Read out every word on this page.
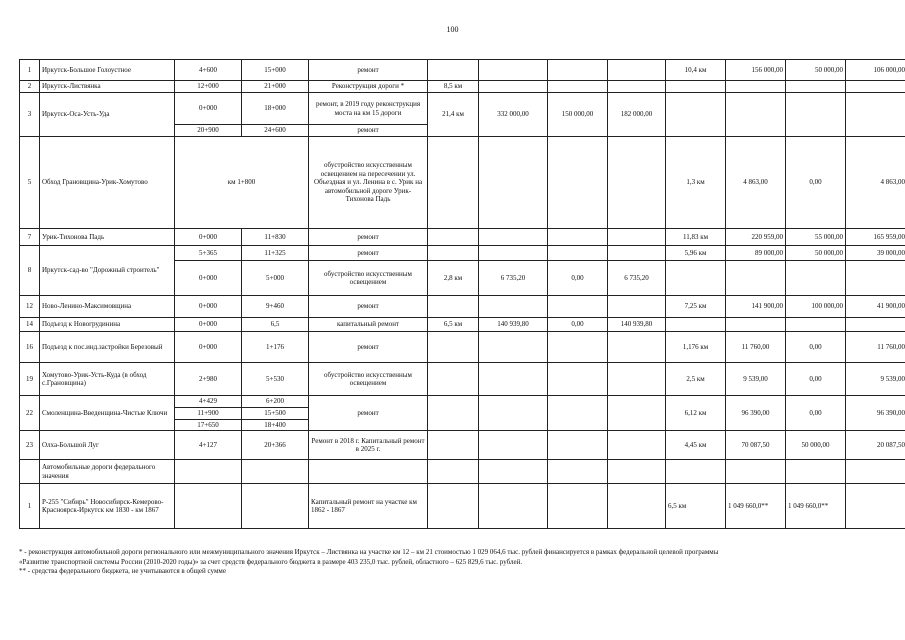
100
1	Иркутск-Большое Голоустное	4+600	15+000	ремонт					10,4 км	156 000,00	50 000,00	106 000,00
2	Иркутск-Листвянка	12+000	21+000	Реконструкция дороги *	8,5 км							
3	Иркутск-Оса-Усть-Уда	0+000	18+000	ремонт, в 2019 году реконструкция моста на км 15 дороги	21,4 км	332 000,00	150 000,00	182 000,00				
		20+900	24+600	ремонт								
5	Обход Грановщина-Урик-Хомутово	км 1+800		обустройство искусственным освещением на пересечении ул. Объездная и ул. Ленина в с. Урик на автомобильной дороге Урик-Тихонова Падь					1,3 км	4 863,00	0,00	4 863,00
7	Урик-Тихонова Падь	0+000	11+830	ремонт					11,83 км	220 959,00	55 000,00	165 959,00
8	Иркутск-сад-во "Дорожный строитель"	5+365	11+325	ремонт					5,96 км	89 000,00	50 000,00	39 000,00
		0+000	5+000	обустройство искусственным освещением	2,8 км	6 735,20	0,00	6 735,20				
12	Ново-Ленино-Максимовщина	0+000	9+460	ремонт					7,25 км	141 900,00	100 000,00	41 900,00
14	Подъезд к Новогрудинина	0+000	6,5	капитальный ремонт	6,5 км	140 939,80	0,00	140 939,80				
16	Подъезд к пос.инд.застройки Березовый	0+000	1+176	ремонт					1,176 км	11 760,00	0,00	11 760,00
19	Хомутово-Урик-Усть-Куда (в обход с.Грановщина)	2+980	5+530	обустройство искусственным освещением					2,5 км	9 539,00	0,00	9 539,00
22	Смоленщина-Введенщина-Чистые Ключи	4+429	6+200	ремонт					6,12 км	96 390,00	0,00	96 390,00
		11+900	15+500									
		17+650	18+400									
23	Олха-Большой Луг	4+127	20+366	Ремонт в 2018 г. Капитальный ремонт в 2025 г.					4,45 км	70 087,50	50 000,00	20 087,50
	Автомобильные дороги федерального значения											
1	Р-255 "Сибирь" Новосибирск-Кемерово-Красноярск-Иркутск км 1830 - км 1867			Капитальный ремонт на участке км 1862 - 1867					6,5 км	1 049 660,0**	1 049 660,0**	
* - реконструкция автомобильной дороги регионального или межмуниципального значения Иркутск – Листвянка на участке км 12 – км 21 стоимостью 1 029 064,6 тыс. рублей финансируется в рамках федеральной целевой программы
«Развитие транспортной системы России (2010-2020 годы)» за счет средств федерального бюджета в размере 403 235,0 тыс. рублей, областного – 625 829,6 тыс. рублей.
** - средства федерального бюджета, не учитываются в общей сумме
